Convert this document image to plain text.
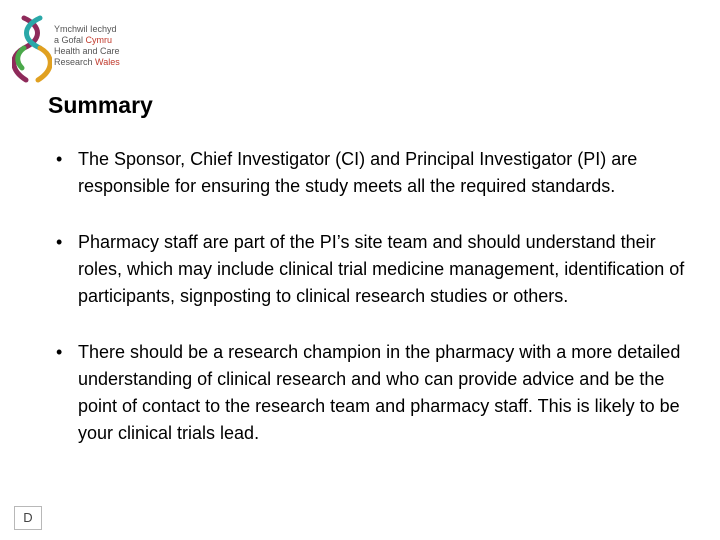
Ymchwil Iechyd
a Gofal Cymru
Health and Care
Research Wales
Summary
• The Sponsor, Chief Investigator (CI) and Principal Investigator (PI) are responsible for ensuring the study meets all the required standards.
• Pharmacy staff are part of the PI’s site team and should understand their roles, which may include clinical trial medicine management, identification of participants, signposting to clinical research studies or others.
• There should be a research champion in the pharmacy with a more detailed understanding of clinical research and who can provide advice and be the point of contact to the research team and pharmacy staff. This is likely to be your clinical trials lead.
D
